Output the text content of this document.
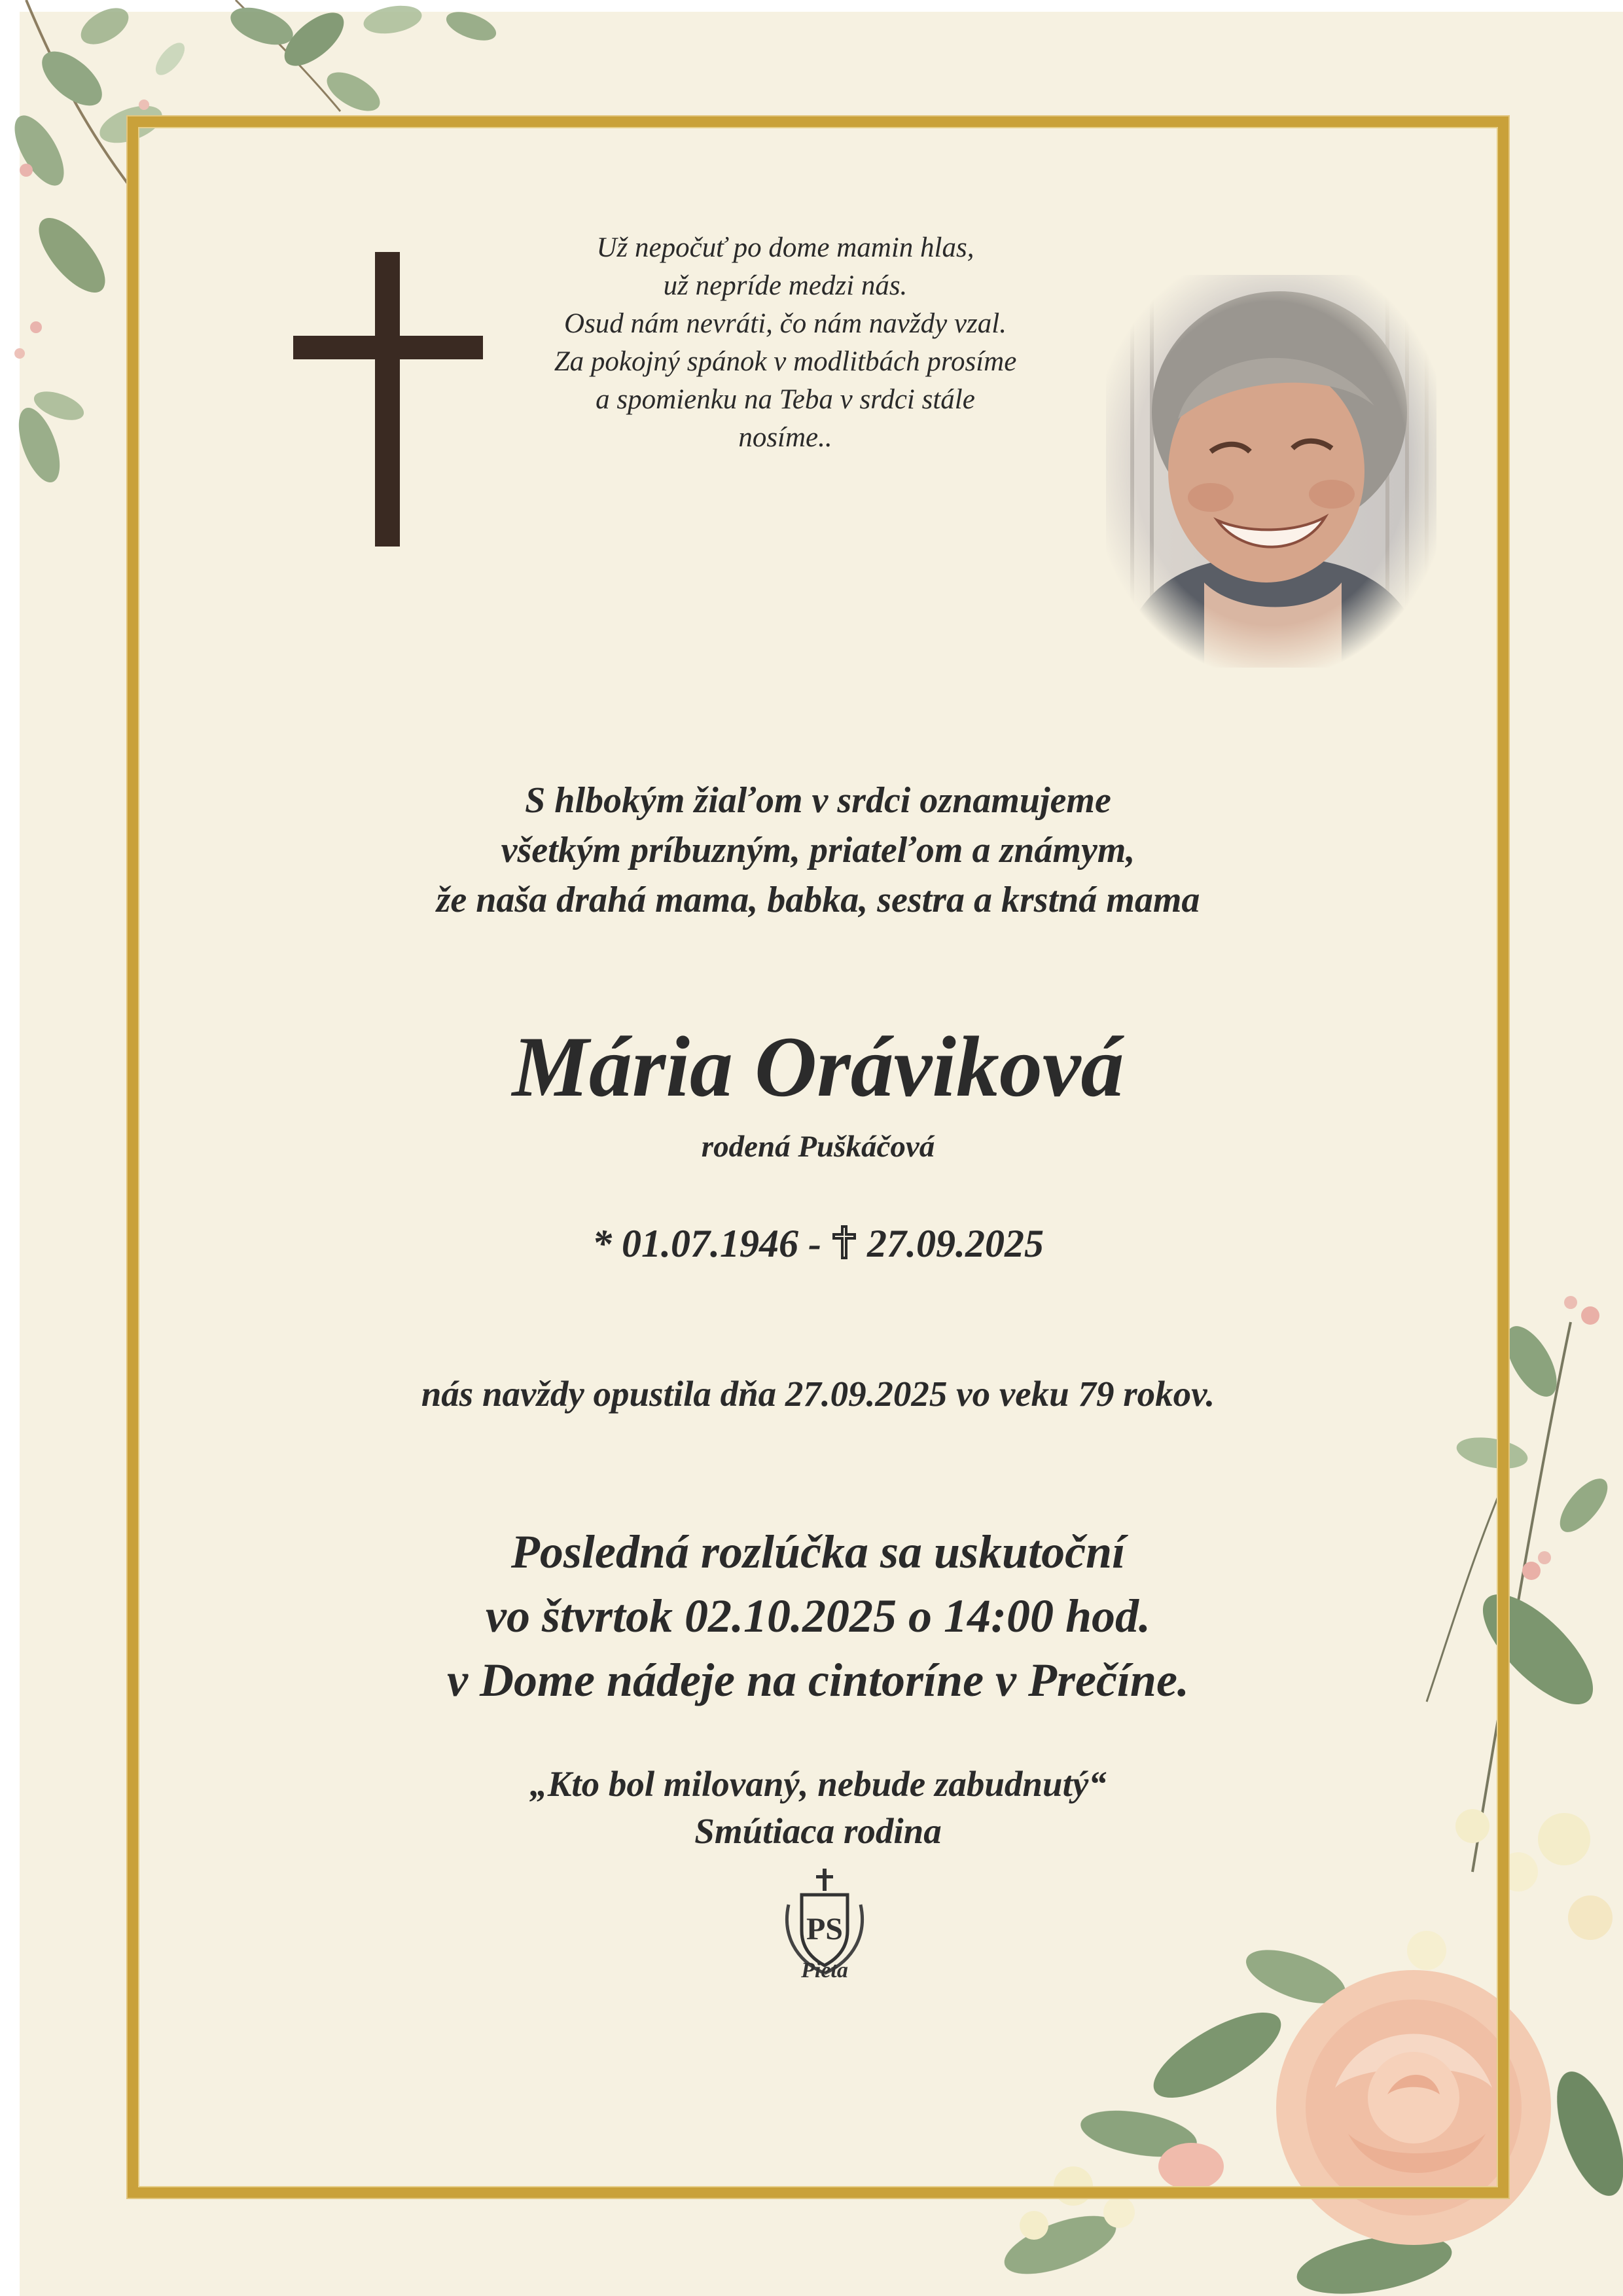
Už nepočuť po dome mamin hlas,
už nepríde medzi nás.
Osud nám nevráti, čo nám navždy vzal.
Za pokojný spánok v modlitbách prosíme
a spomienku na Teba v srdci stále
nosíme..
S hlbokým žiaľom v srdci oznamujeme
všetkým príbuzným, priateľom a známym,
že naša drahá mama, babka, sestra a krstná mama
Mária Oráviková
rodená Puškáčová
* 01.07.1946 -  27.09.2025
nás navždy opustila dňa 27.09.2025 vo veku 79 rokov.
Posledná rozlúčka sa uskutoční
vo štvrtok 02.10.2025 o 14:00 hod.
v Dome nádeje na cintoríne v Prečíne.
„Kto bol milovaný, nebude zabudnutý“
Smútiaca rodina
PS
Pieta
